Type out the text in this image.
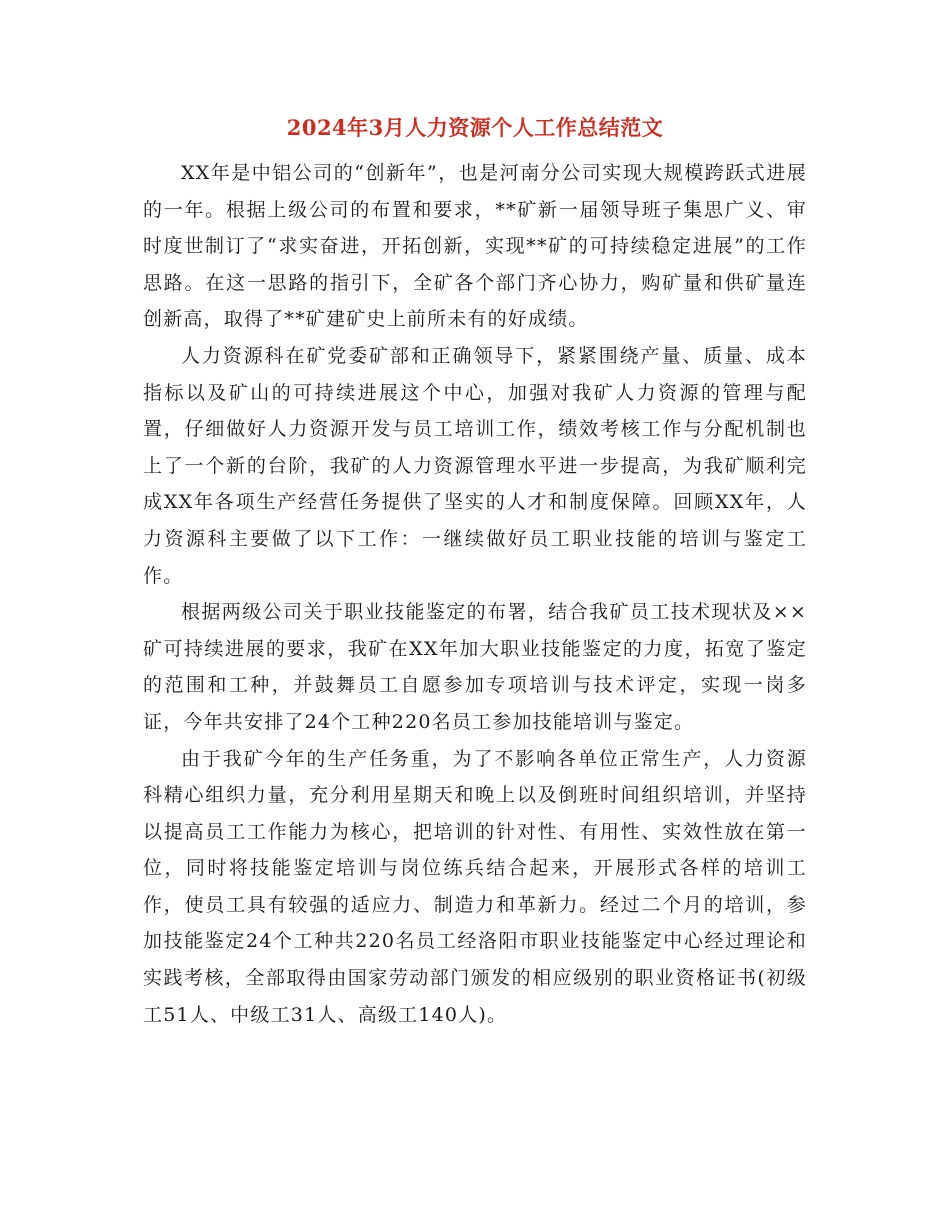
2024年3月人力资源个人工作总结范文

XX年是中铝公司的“创新年”，也是河南分公司实现大规模跨跃式进展的一年。根据上级公司的布置和要求，**矿新一届领导班子集思广义、审时度世制订了“求实奋进，开拓创新，实现**矿的可持续稳定进展”的工作思路。在这一思路的指引下，全矿各个部门齐心协力，购矿量和供矿量连创新高，取得了**矿建矿史上前所未有的好成绩。

人力资源科在矿党委矿部和正确领导下，紧紧围绕产量、质量、成本指标以及矿山的可持续进展这个中心，加强对我矿人力资源的管理与配置，仔细做好人力资源开发与员工培训工作，绩效考核工作与分配机制也上了一个新的台阶，我矿的人力资源管理水平进一步提高，为我矿顺利完成XX年各项生产经营任务提供了坚实的人才和制度保障。回顾XX年，人力资源科主要做了以下工作：一继续做好员工职业技能的培训与鉴定工作。

根据两级公司关于职业技能鉴定的布署，结合我矿员工技术现状及××矿可持续进展的要求，我矿在XX年加大职业技能鉴定的力度，拓宽了鉴定的范围和工种，并鼓舞员工自愿参加专项培训与技术评定，实现一岗多证，今年共安排了24个工种220名员工参加技能培训与鉴定。

由于我矿今年的生产任务重，为了不影响各单位正常生产，人力资源科精心组织力量，充分利用星期天和晚上以及倒班时间组织培训，并坚持以提高员工工作能力为核心，把培训的针对性、有用性、实效性放在第一位，同时将技能鉴定培训与岗位练兵结合起来，开展形式各样的培训工作，使员工具有较强的适应力、制造力和革新力。经过二个月的培训，参加技能鉴定24个工种共220名员工经洛阳市职业技能鉴定中心经过理论和实践考核，全部取得由国家劳动部门颁发的相应级别的职业资格证书(初级工51人、中级工31人、高级工140人)。
